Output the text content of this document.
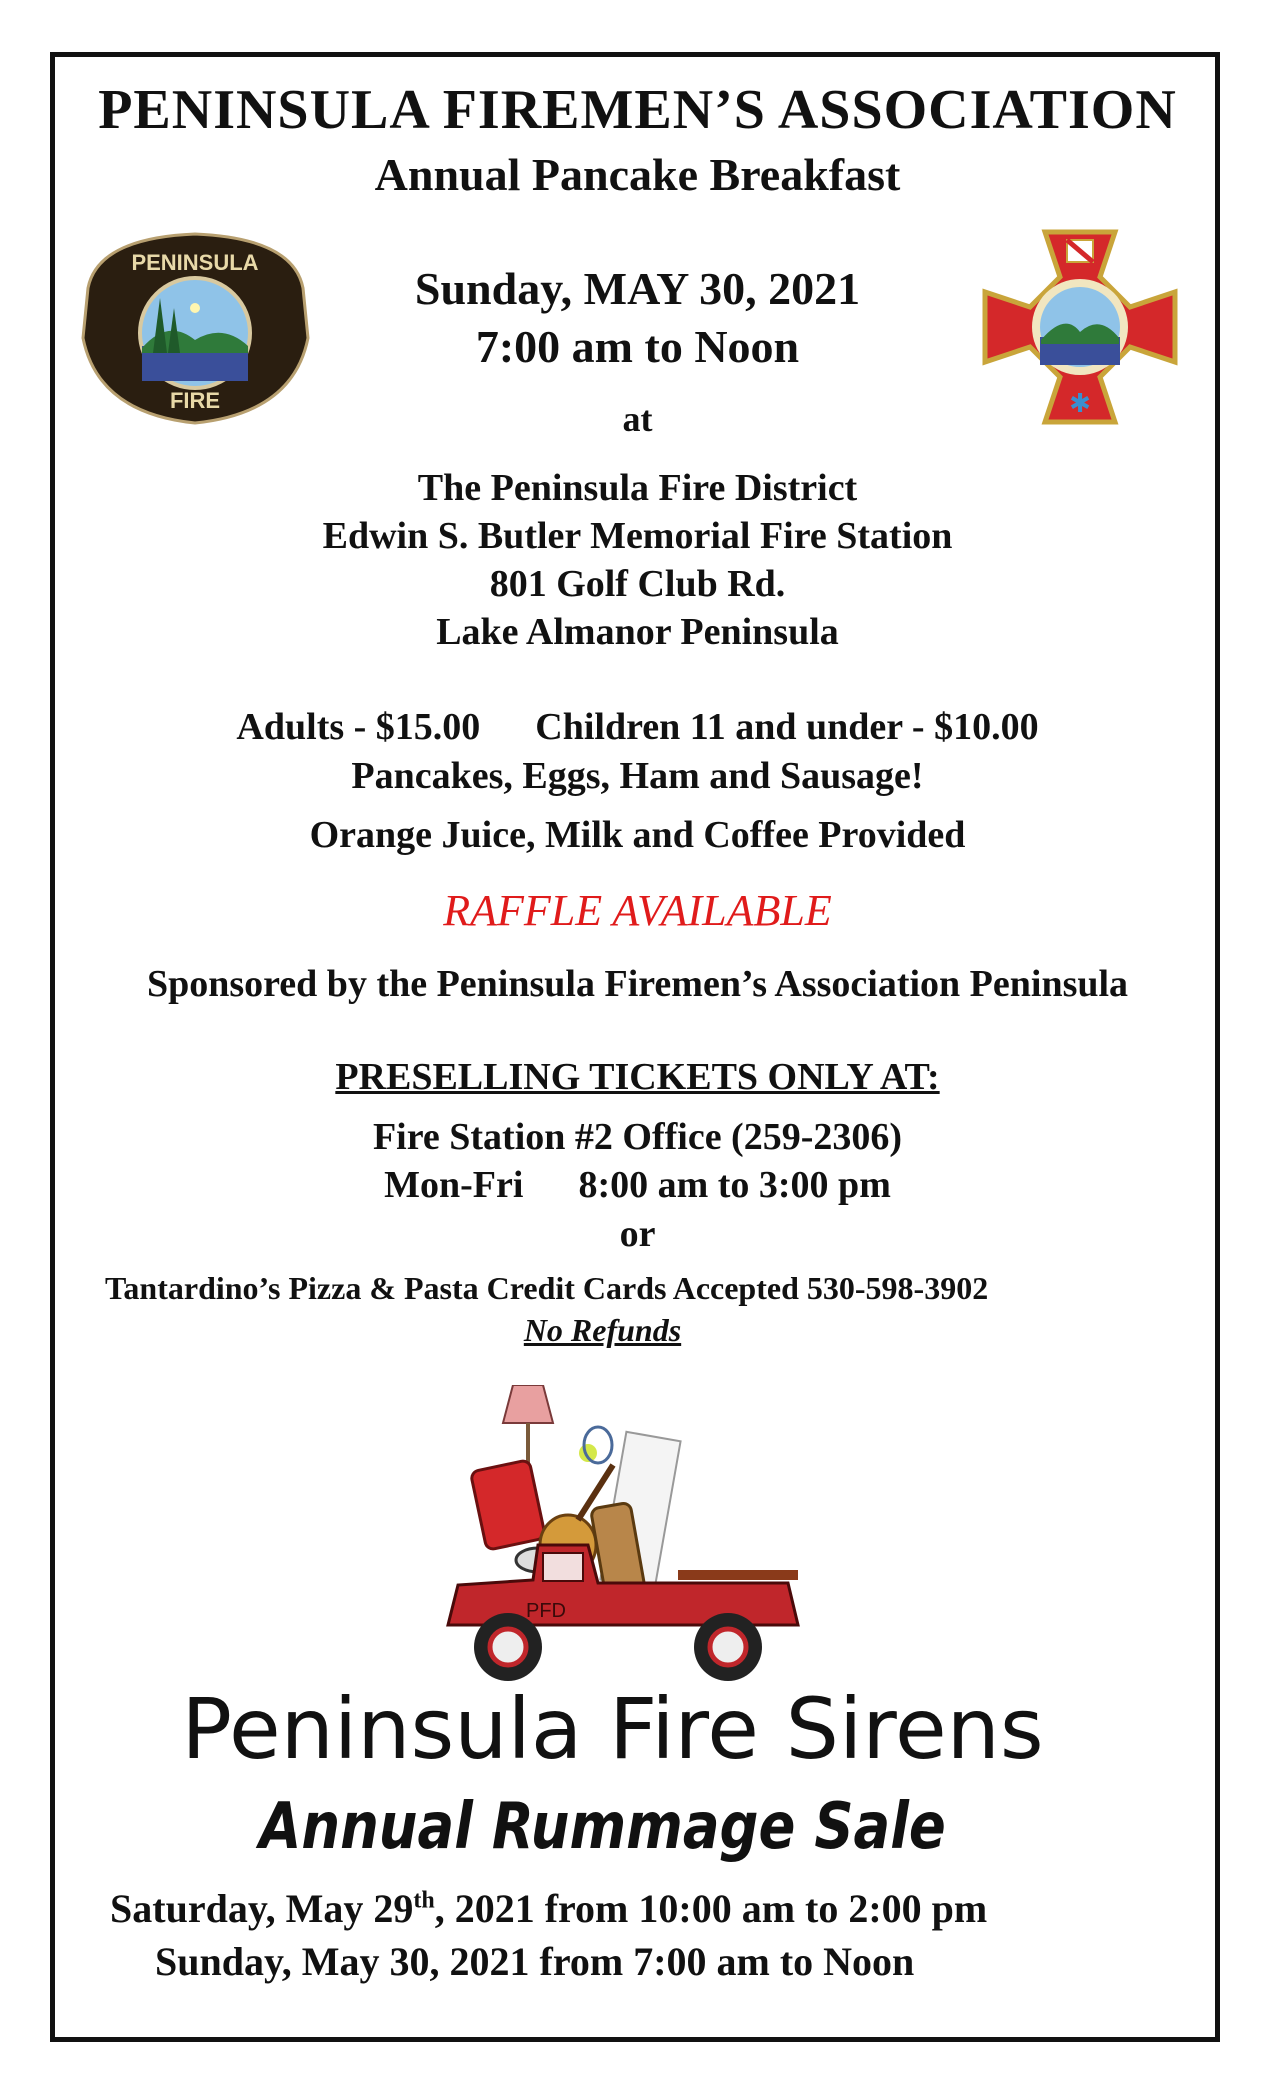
PENINSULA FIREMEN’S ASSOCIATION
Annual Pancake Breakfast
PENINSULA
FIRE	✱
Sunday, MAY 30, 2021
7:00 am to Noon
at
The Peninsula Fire District
Edwin S. Butler Memorial Fire Station
801 Golf Club Rd.
Lake Almanor Peninsula
Adults - $15.00 Children 11 and under - $10.00
Pancakes, Eggs, Ham and Sausage!
Orange Juice, Milk and Coffee Provided
RAFFLE AVAILABLE
Sponsored by the Peninsula Firemen’s Association Peninsula
PRESELLING TICKETS ONLY AT:
Fire Station #2 Office (259-2306)
Mon-Fri 8:00 am to 3:00 pm
or
Tantardino’s Pizza & Pasta Credit Cards Accepted 530-598-3902
No Refunds
PFD
Peninsula Fire Sirens
Annual Rummage Sale
Saturday, May 29th, 2021 from 10:00 am to 2:00 pm
Sunday, May 30, 2021 from 7:00 am to Noon
